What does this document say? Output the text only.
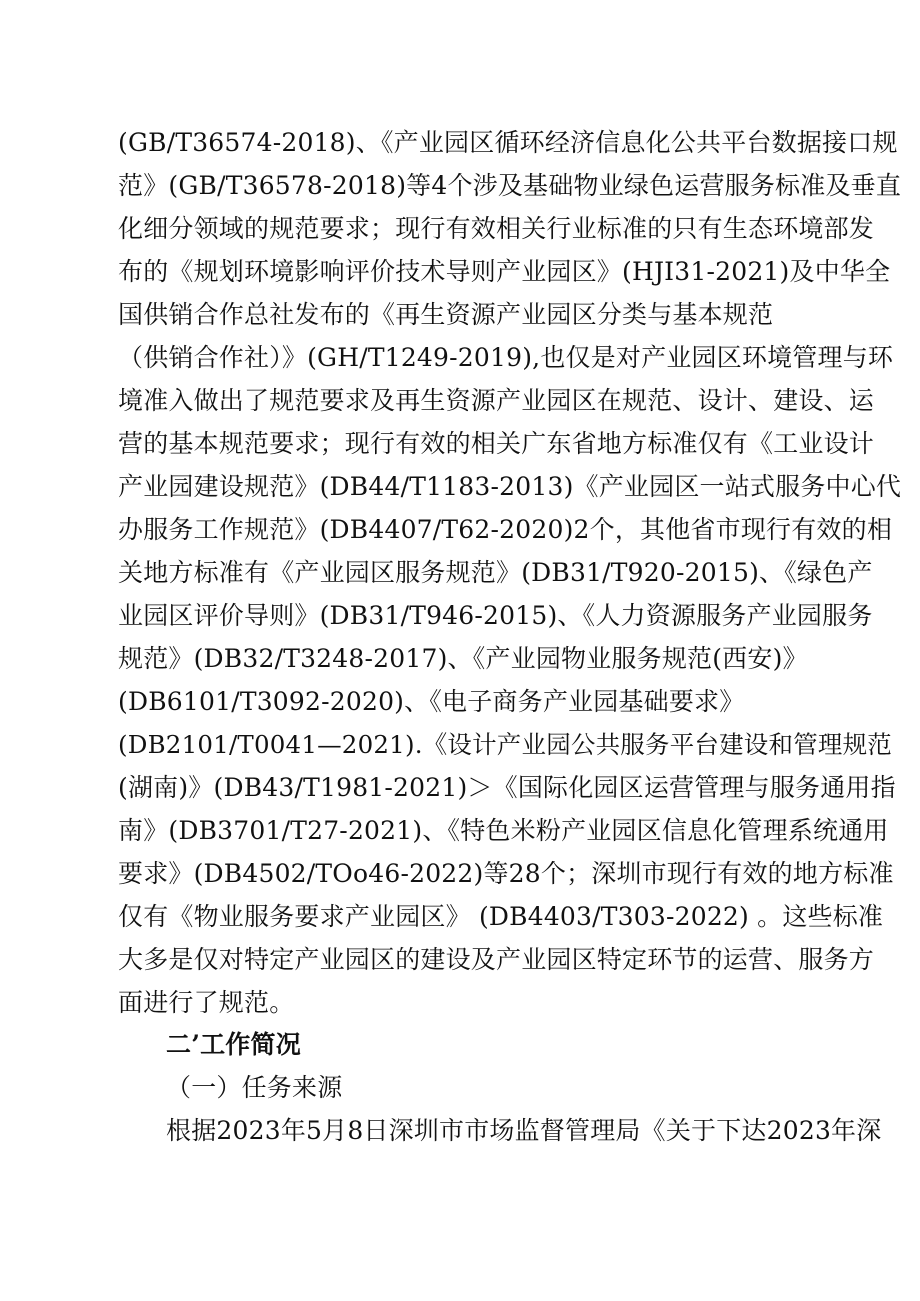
(GB/T36574-2018)、《产业园区循环经济信息化公共平台数据接口规
范》(GB/T36578-2018)等4个涉及基础物业绿色运营服务标准及垂直
化细分领域的规范要求；现行有效相关行业标准的只有生态环境部发
布的《规划环境影响评价技术导则产业园区》(HJI31-2021)及中华全
国供销合作总社发布的《再生资源产业园区分类与基本规范
（供销合作社）》(GH/T1249-2019),也仅是对产业园区环境管理与环
境准入做出了规范要求及再生资源产业园区在规范、设计、建设、运
营的基本规范要求；现行有效的相关广东省地方标准仅有《工业设计
产业园建设规范》(DB44/T1183-2013)《产业园区一站式服务中心代
办服务工作规范》(DB4407/T62-2020)2个，其他省市现行有效的相
关地方标准有《产业园区服务规范》(DB31/T920-2015)、《绿色产
业园区评价导则》(DB31/T946-2015)、《人力资源服务产业园服务
规范》(DB32/T3248-2017)、《产业园物业服务规范(西安)》
(DB6101/T3092-2020)、《电子商务产业园基础要求》
(DB2101/T0041—2021).《设计产业园公共服务平台建设和管理规范
(湖南)》(DB43/T1981-2021)＞《国际化园区运营管理与服务通用指
南》(DB3701/T27-2021)、《特色米粉产业园区信息化管理系统通用
要求》(DB4502/TOo46-2022)等28个；深圳市现行有效的地方标准
仅有《物业服务要求产业园区》 (DB4403/T303-2022) 。这些标准
大多是仅对特定产业园区的建设及产业园区特定环节的运营、服务方
面进行了规范。
二’工作简况
（一）任务来源
根据2023年5月8日深圳市市场监督管理局《关于下达2023年深
